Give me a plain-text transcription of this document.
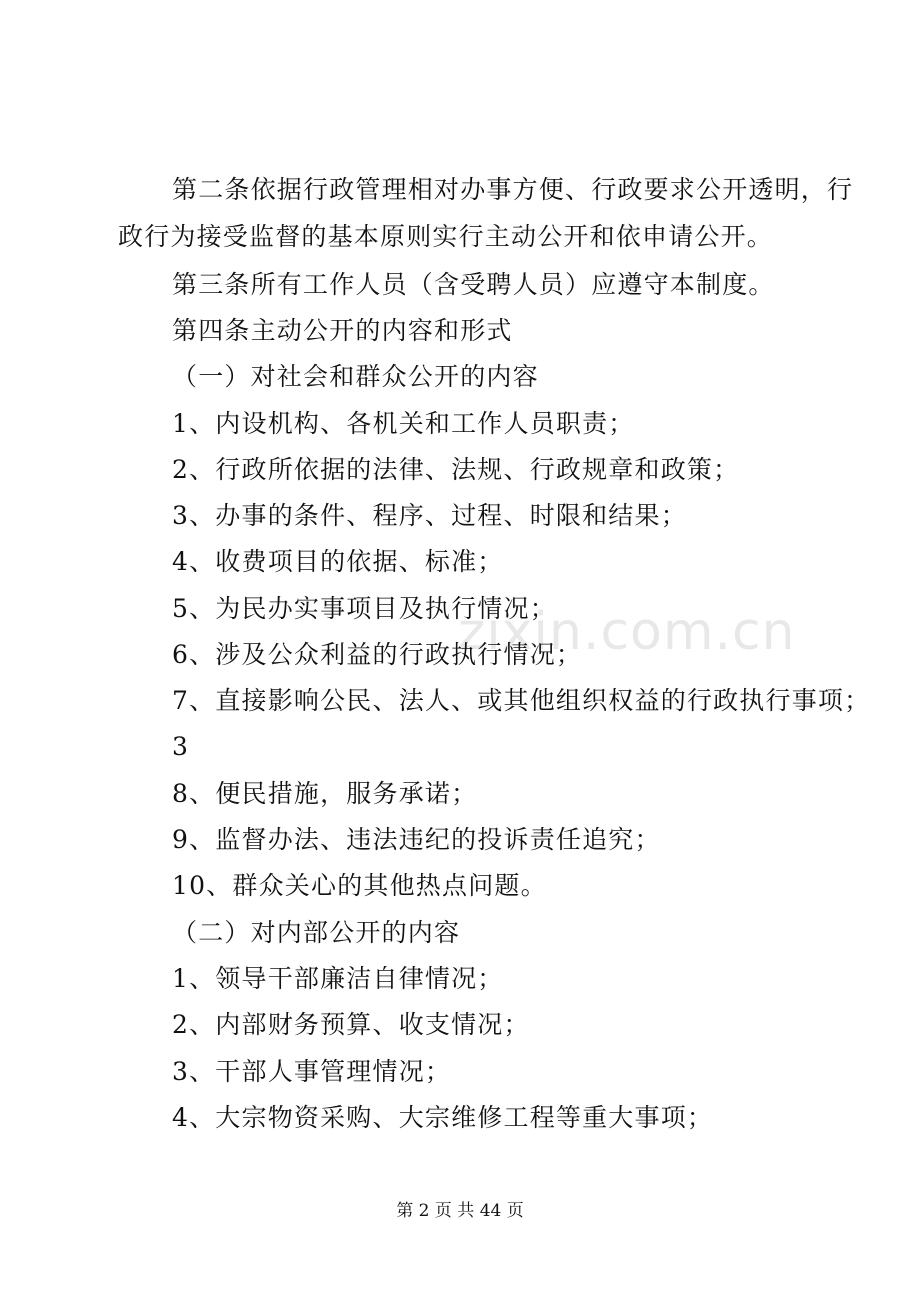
zixin.com.cn
第二条依据行政管理相对办事方便、行政要求公开透明，行
政行为接受监督的基本原则实行主动公开和依申请公开。
第三条所有工作人员（含受聘人员）应遵守本制度。
第四条主动公开的内容和形式
（一）对社会和群众公开的内容
1、内设机构、各机关和工作人员职责；
2、行政所依据的法律、法规、行政规章和政策；
3、办事的条件、程序、过程、时限和结果；
4、收费项目的依据、标准；
5、为民办实事项目及执行情况；
6、涉及公众利益的行政执行情况；
7、直接影响公民、法人、或其他组织权益的行政执行事项；
3
8、便民措施，服务承诺；
9、监督办法、违法违纪的投诉责任追究；
10、群众关心的其他热点问题。
（二）对内部公开的内容
1、领导干部廉洁自律情况；
2、内部财务预算、收支情况；
3、干部人事管理情况；
4、大宗物资采购、大宗维修工程等重大事项；
第 2 页 共 44 页
